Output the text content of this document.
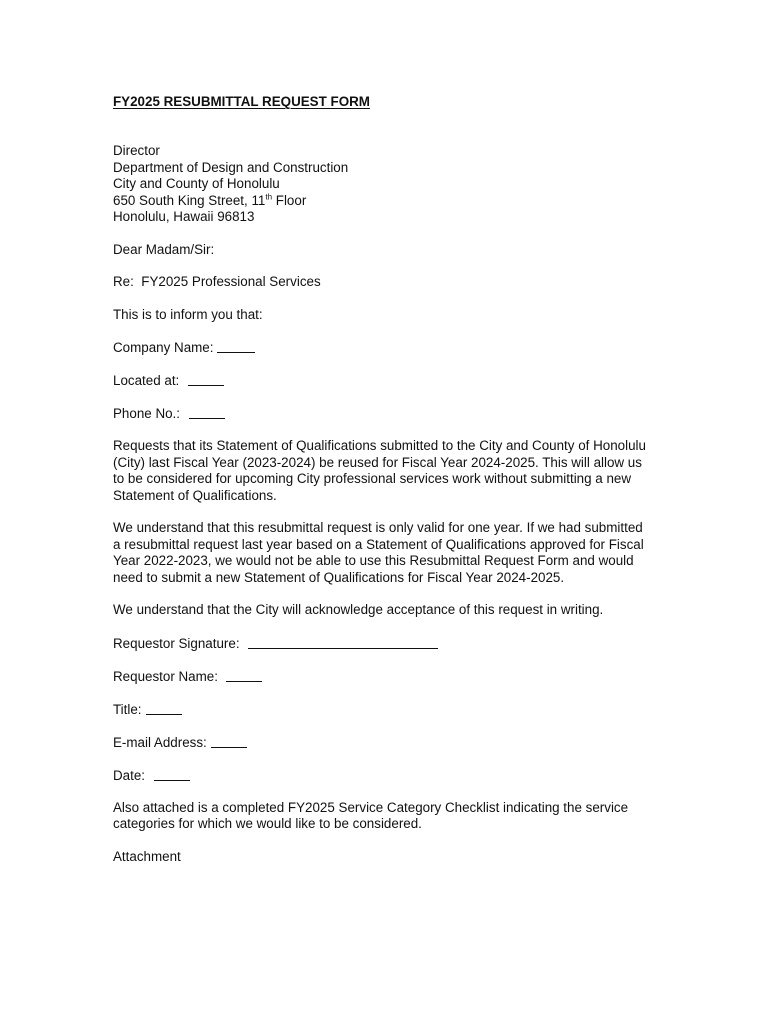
FY2025 RESUBMITTAL REQUEST FORM
Director
Department of Design and Construction
City and County of Honolulu
650 South King Street, 11th Floor
Honolulu, Hawaii 96813
Dear Madam/Sir:
Re:  FY2025 Professional Services
This is to inform you that:
Company Name:
Located at:
Phone No.:
Requests that its Statement of Qualifications submitted to the City and County of Honolulu (City) last Fiscal Year (2023-2024) be reused for Fiscal Year 2024-2025. This will allow us to be considered for upcoming City professional services work without submitting a new Statement of Qualifications.
We understand that this resubmittal request is only valid for one year. If we had submitted a resubmittal request last year based on a Statement of Qualifications approved for Fiscal Year 2022-2023, we would not be able to use this Resubmittal Request Form and would need to submit a new Statement of Qualifications for Fiscal Year 2024-2025.
We understand that the City will acknowledge acceptance of this request in writing.
Requestor Signature:
Requestor Name:
Title:
E-mail Address:
Date:
Also attached is a completed FY2025 Service Category Checklist indicating the service categories for which we would like to be considered.
Attachment
